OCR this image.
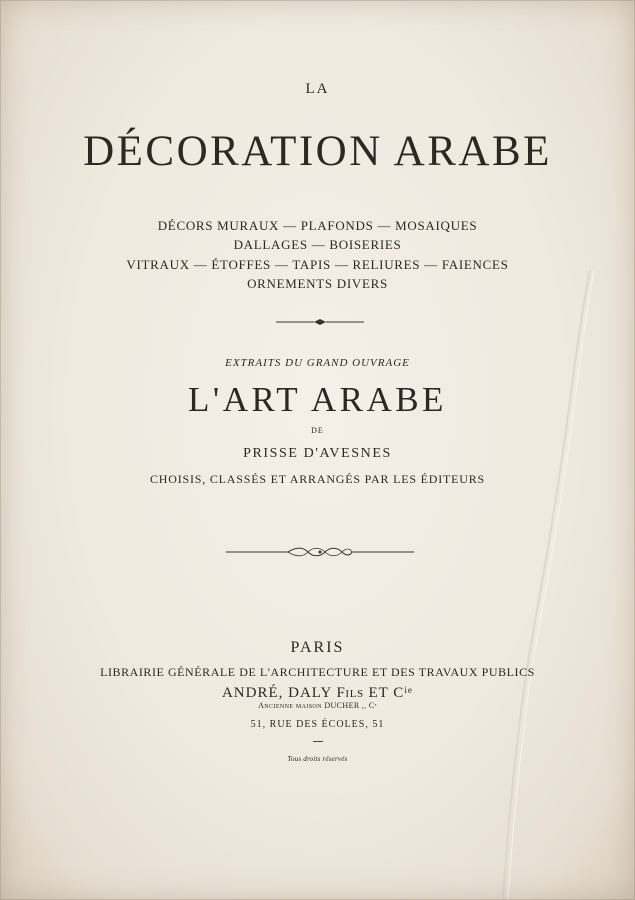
LA
DÉCORATION ARABE
DÉCORS MURAUX — PLAFONDS — MOSAIQUES
DALLAGES — BOISERIES
VITRAUX — ÉTOFFES — TAPIS — RELIURES — FAIENCES
ORNEMENTS DIVERS
EXTRAITS DU GRAND OUVRAGE
L'ART ARABE
DE
PRISSE D'AVESNES
CHOISIS, CLASSÉS ET ARRANGÉS PAR LES ÉDITEURS
PARIS
LIBRAIRIE GÉNÉRALE DE L'ARCHITECTURE ET DES TRAVAUX PUBLICS
ANDRÉ, DALY Fils ET $C^{ie}$
Ancienne maison DUCHER et Ce
51, RUE DES ÉCOLES, 51
Tous droits réservés
